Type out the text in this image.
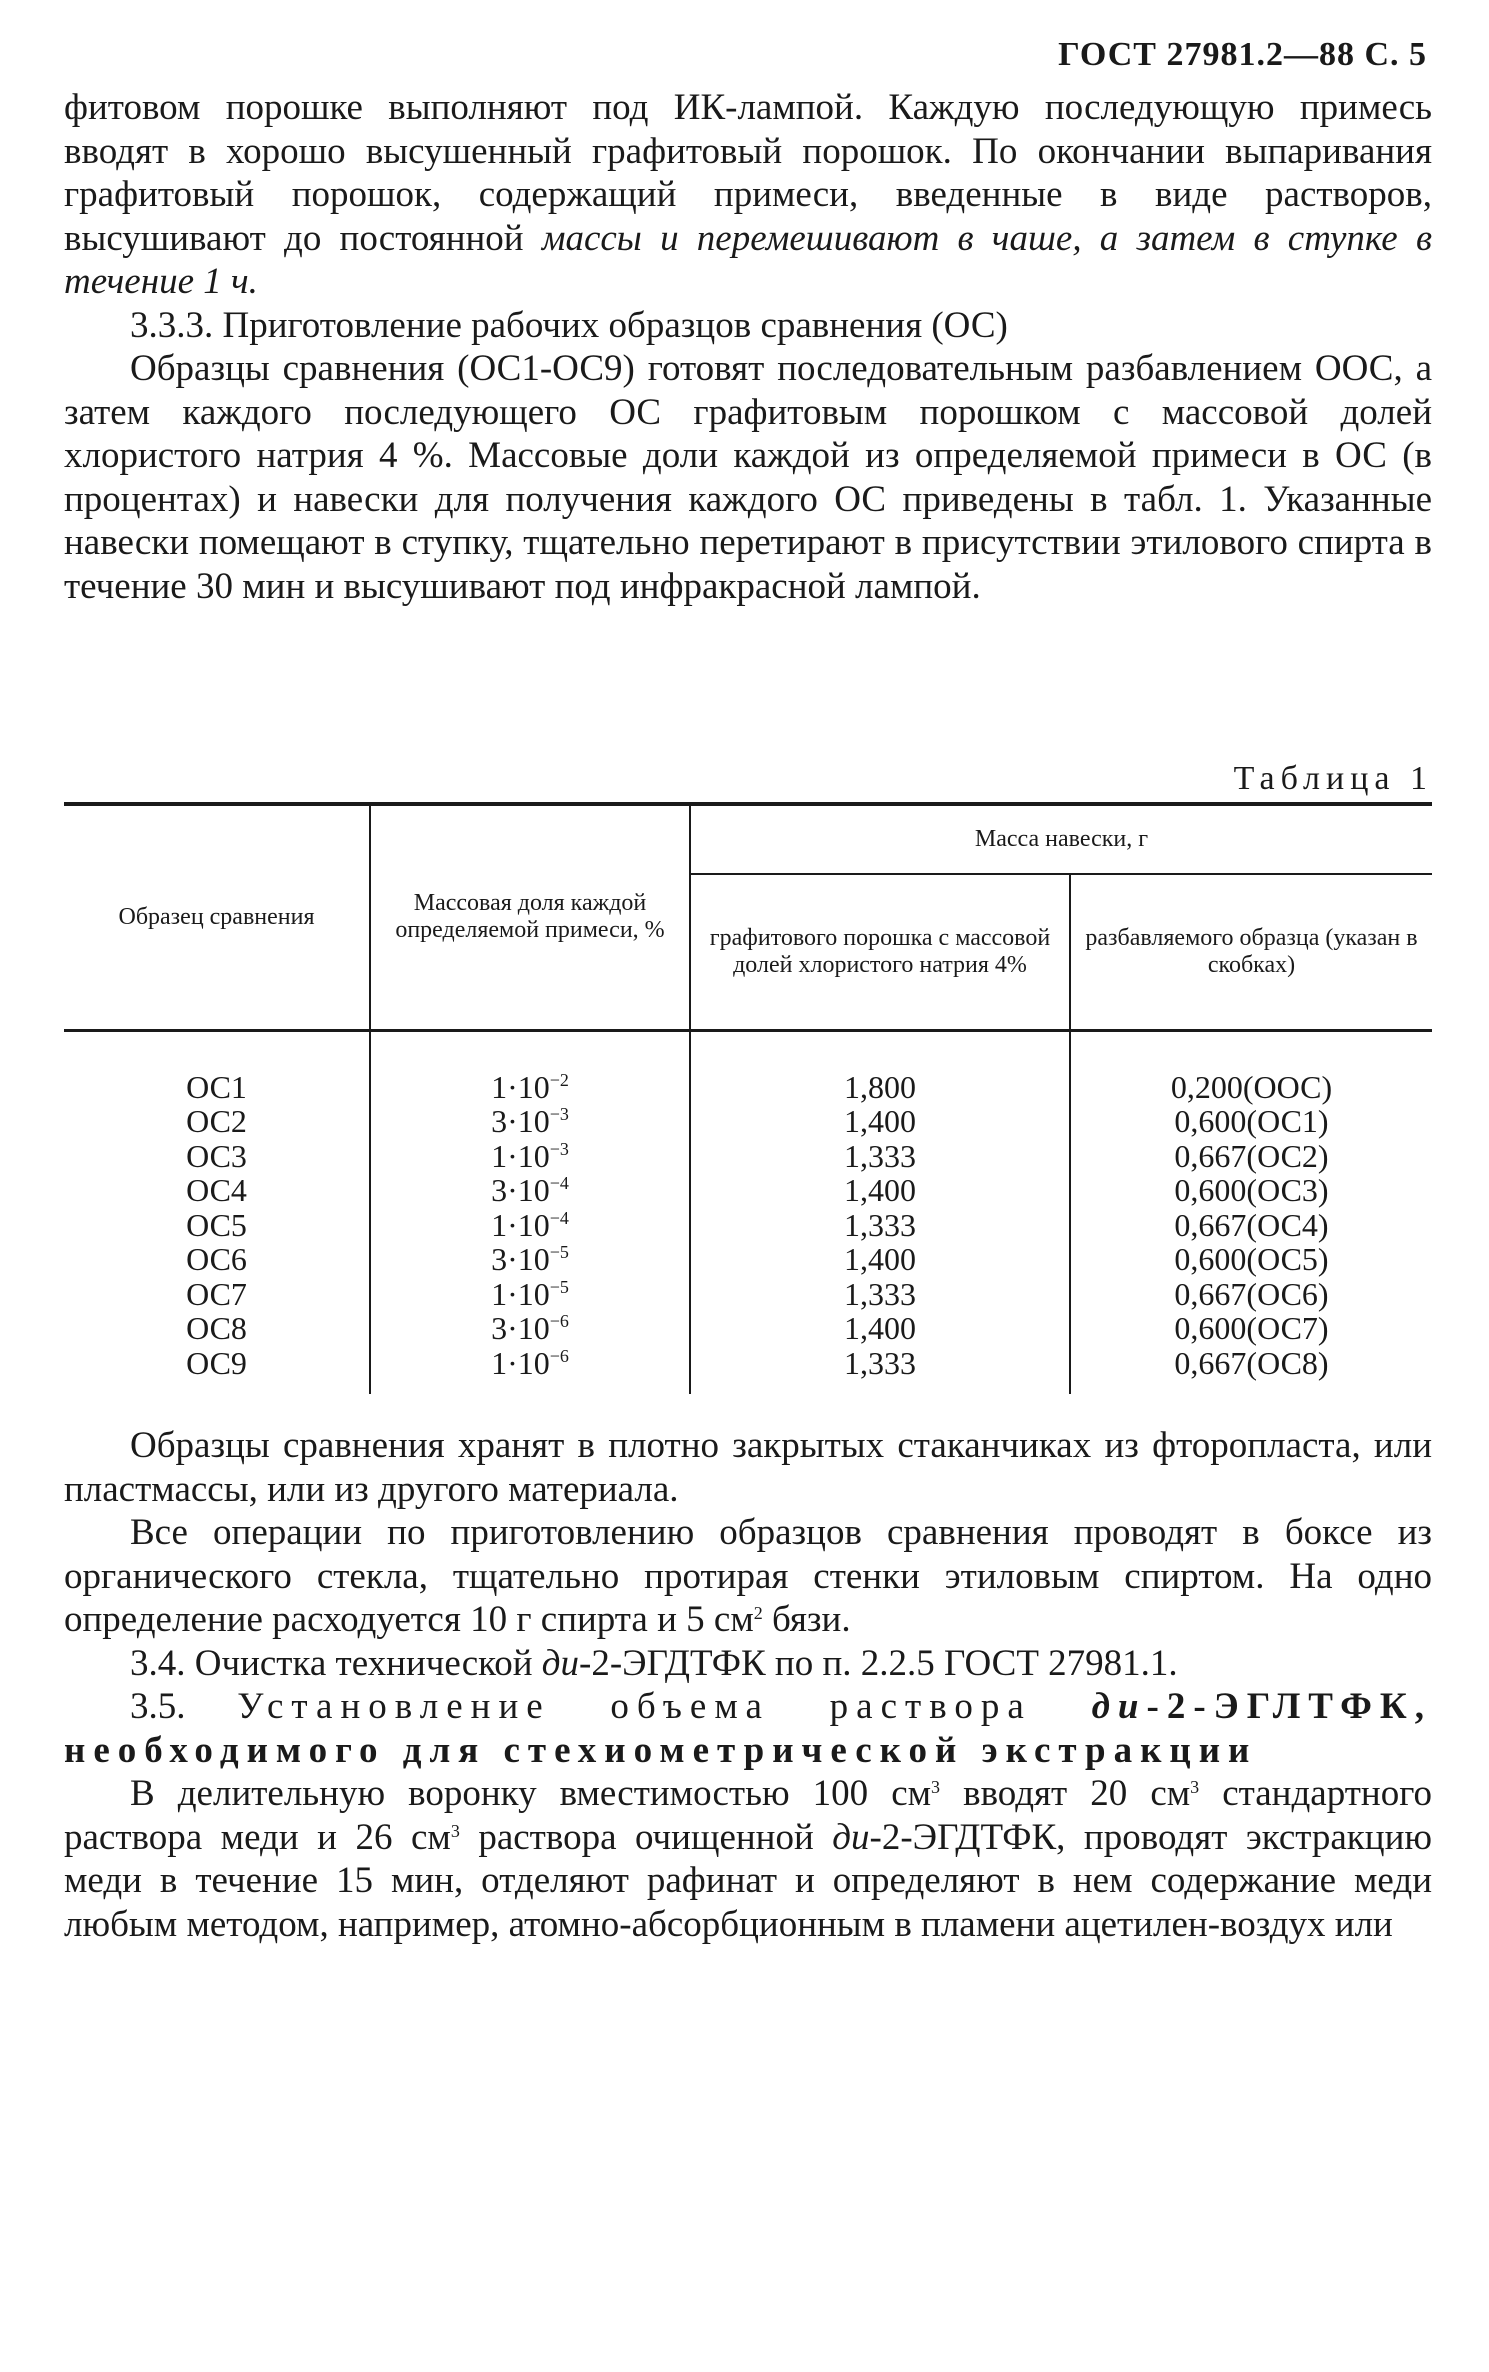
ГОСТ 27981.2—88 С. 5

фитовом порошке выполняют под ИК-лампой. Каждую последующую примесь вводят в хорошо высушенный графитовый порошок. По окончании выпаривания графитовый порошок, содержащий примеси, введенные в виде растворов, высушивают до постоянной массы и перемешивают в чаше, а затем в ступке в течение 1 ч.

3.3.3. Приготовление рабочих образцов сравнения (ОС)

Образцы сравнения (ОС1-ОС9) готовят последовательным разбавлением ООС, а затем каждого последующего ОС графитовым порошком с массовой долей хлористого натрия 4 %. Массовые доли каждой из определяемой примеси в ОС (в процентах) и навески для получения каждого ОС приведены в табл. 1. Указанные навески помещают в ступку, тщательно перетирают в присутствии этилового спирта в течение 30 мин и высушивают под инфракрасной лампой.

Таблица 1
Образец сравнения	Массовая доля каждой определяемой примеси, %	Масса навески, г	
		графитового порошка с массовой долей хлористого натрия 4%	разбавляемого образца (указан в скобках)
ОС1	$1\cdot 10^{-2}$	1,800	0,200(ООС)
ОС2	$3\cdot 10^{-3}$	1,400	0,600(ОС1)
ОС3	$1\cdot 10^{-3}$	1,333	0,667(ОС2)
ОС4	$3\cdot 10^{-4}$	1,400	0,600(ОС3)
ОС5	$1\cdot 10^{-4}$	1,333	0,667(ОС4)
ОС6	$3\cdot 10^{-5}$	1,400	0,600(ОС5)
ОС7	$1\cdot 10^{-5}$	1,333	0,667(ОС6)
ОС8	$3\cdot 10^{-6}$	1,400	0,600(ОС7)
ОС9	$1\cdot 10^{-6}$	1,333	0,667(ОС8)

Образцы сравнения хранят в плотно закрытых стаканчиках из фторопласта, или пластмассы, или из другого материала.

Все операции по приготовлению образцов сравнения проводят в боксе из органического стекла, тщательно протирая стенки этиловым спиртом. На одно определение расходуется 10 г спирта и 5 $см^2$ бязи.

3.4. Очистка технической ди-2-ЭГДТФК по п. 2.2.5 ГОСТ 27981.1.

3.5. Установление объема раствора ди-2-ЭГЛТФК, необходимого для стехиометрической экстракции

В делительную воронку вместимостью 100 $см^3$ вводят 20 $см^3$ стандартного раствора меди и 26 $см^3$ раствора очищенной ди-2-ЭГДТФК, проводят экстракцию меди в течение 15 мин, отделяют рафинат и определяют в нем содержание меди любым методом, например, атомно-абсорбционным в пламени ацетилен-воздух или
